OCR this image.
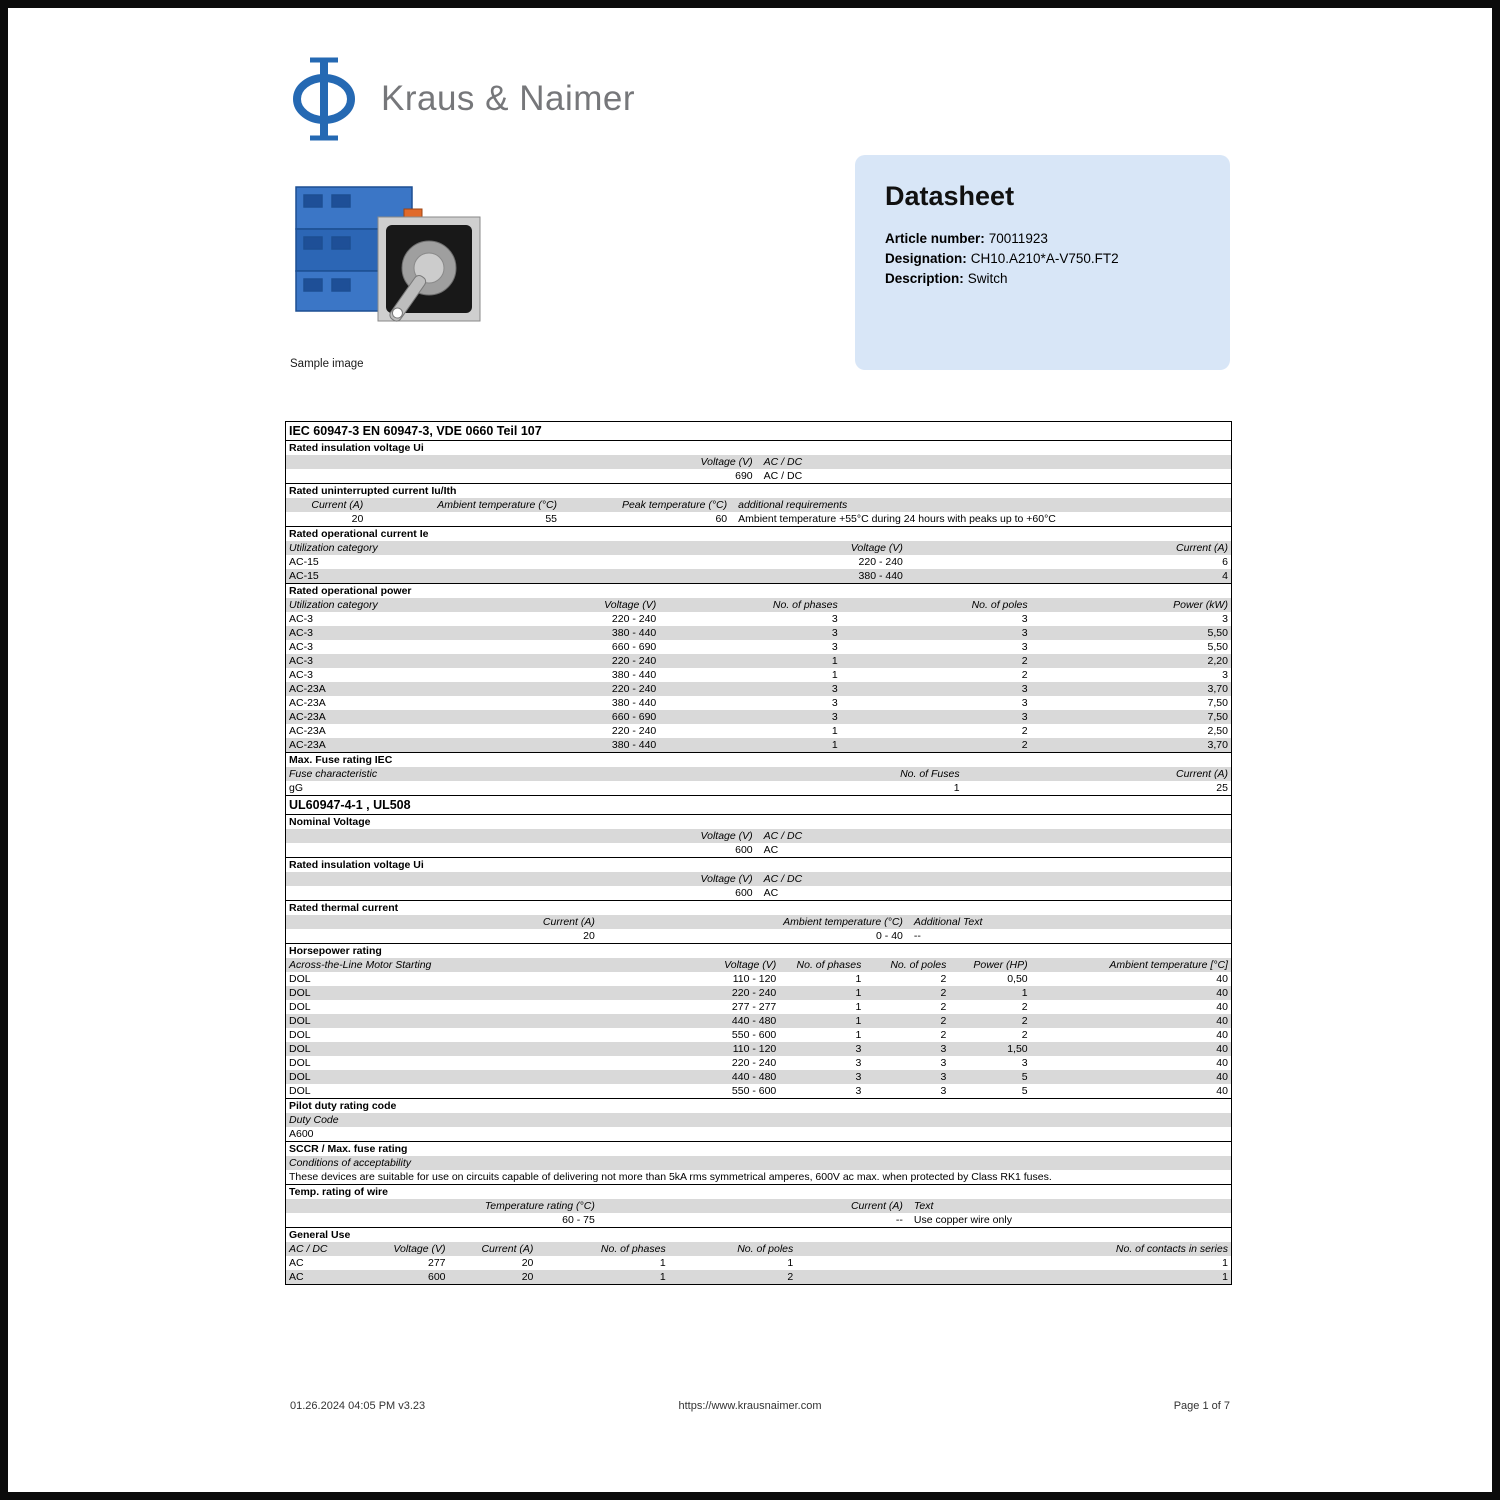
Kraus & Naimer
Sample image
Datasheet
Article number: 70011923
Designation: CH10.A210*A-V750.FT2
Description: Switch
IEC 60947-3 EN 60947-3, VDE 0660 Teil 107
Rated insulation voltage Ui
Voltage (V)	AC / DC
690	AC / DC
Rated uninterrupted current Iu/Ith
Current (A)	Ambient temperature (°C)	Peak temperature (°C)	additional requirements
20	55	60	Ambient temperature +55°C during 24 hours with peaks up to +60°C
Rated operational current Ie
Utilization category	Voltage (V)	Current (A)
AC-15	220 - 240	6
AC-15	380 - 440	4
Rated operational power
Utilization category	Voltage (V)	No. of phases	No. of poles	Power (kW)
AC-3	220 - 240	3	3	3
AC-3	380 - 440	3	3	5,50
AC-3	660 - 690	3	3	5,50
AC-3	220 - 240	1	2	2,20
AC-3	380 - 440	1	2	3
AC-23A	220 - 240	3	3	3,70
AC-23A	380 - 440	3	3	7,50
AC-23A	660 - 690	3	3	7,50
AC-23A	220 - 240	1	2	2,50
AC-23A	380 - 440	1	2	3,70
Max. Fuse rating IEC
Fuse characteristic	No. of Fuses	Current (A)
gG	1	25
UL60947-4-1 , UL508
Nominal Voltage
Voltage (V)	AC / DC
600	AC
Rated insulation voltage Ui
Voltage (V)	AC / DC
600	AC
Rated thermal current
Current (A)	Ambient temperature (°C)	Additional Text
20	0 - 40	--
Horsepower rating
Across-the-Line Motor Starting	Voltage (V)	No. of phases	No. of poles	Power (HP)	Ambient temperature [°C]
DOL	110 - 120	1	2	0,50	40
DOL	220 - 240	1	2	1	40
DOL	277 - 277	1	2	2	40
DOL	440 - 480	1	2	2	40
DOL	550 - 600	1	2	2	40
DOL	110 - 120	3	3	1,50	40
DOL	220 - 240	3	3	3	40
DOL	440 - 480	3	3	5	40
DOL	550 - 600	3	3	5	40
Pilot duty rating code
Duty Code
A600
SCCR / Max. fuse rating
Conditions of acceptability
These devices are suitable for use on circuits capable of delivering not more than 5kA rms symmetrical amperes, 600V ac max. when protected by Class RK1 fuses.
Temp. rating of wire
Temperature rating (°C)	Current (A)	Text
60 - 75	--	Use copper wire only
General Use
AC / DC	Voltage (V)	Current (A)	No. of phases	No. of poles	No. of contacts in series
AC	277	20	1	1	1
AC	600	20	1	2	1
01.26.2024 04:05 PM v3.23	https://www.krausnaimer.com	Page 1 of 7
